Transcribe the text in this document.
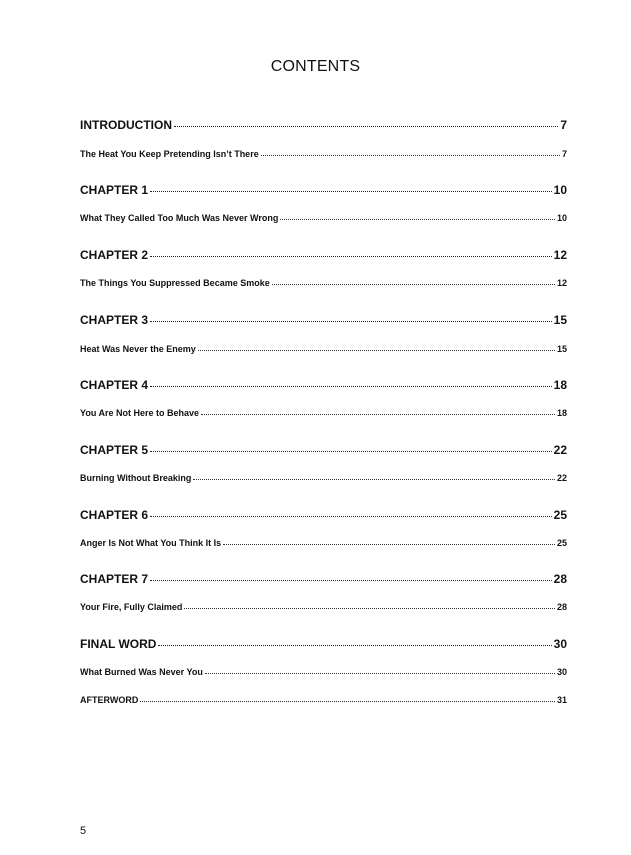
CONTENTS
INTRODUCTION	7
The Heat You Keep Pretending Isn’t There	7
CHAPTER 1	10
What They Called Too Much Was Never Wrong	10
CHAPTER 2	12
The Things You Suppressed Became Smoke	12
CHAPTER 3	15
Heat Was Never the Enemy	15
CHAPTER 4	18
You Are Not Here to Behave	18
CHAPTER 5	22
Burning Without Breaking	22
CHAPTER 6	25
Anger Is Not What You Think It Is	25
CHAPTER 7	28
Your Fire, Fully Claimed	28
FINAL WORD	30
What Burned Was Never You	30
AFTERWORD	31
5
